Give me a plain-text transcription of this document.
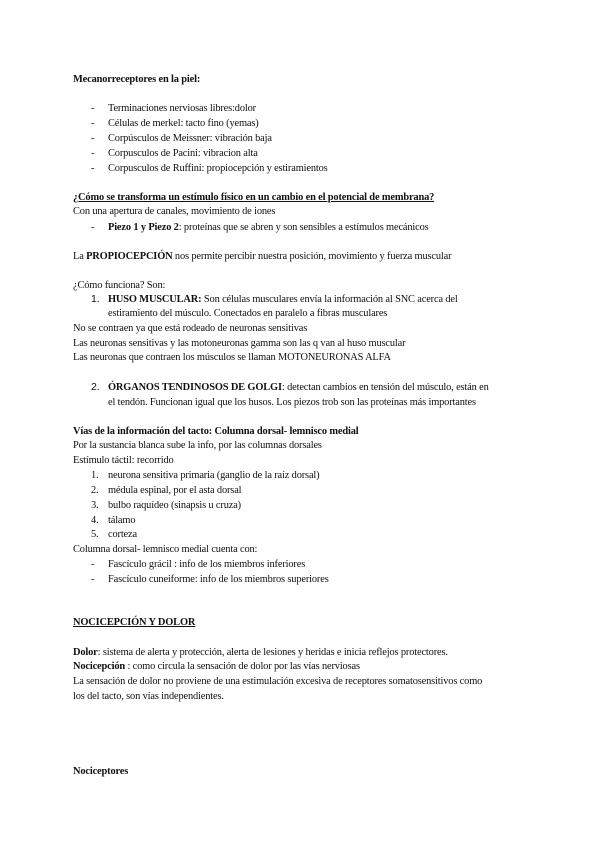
Mecanorreceptores en la piel:
- Terminaciones nerviosas libres:dolor
- Células de merkel: tacto fino (yemas)
- Corpúsculos de Meissner: vibración baja
- Corpusculos de Pacini: vibracion alta
- Corpusculos de Ruffini: propiocepción y estiramientos
¿Cómo se transforma un estímulo físico en un cambio en el potencial de membrana?
Con una apertura de canales, movimiento de iones
- Piezo 1 y Piezo 2: proteínas que se abren y son sensibles a estímulos mecánicos
La PROPIOCEPCIÓN nos permite percibir nuestra posición, movimiento y fuerza muscular
¿Cómo funciona? Son:
1. HUSO MUSCULAR: Son células musculares envía la información al SNC acerca del
estiramiento del músculo. Conectados en paralelo a fibras musculares
No se contraen ya que está rodeado de neuronas sensitivas
Las neuronas sensitivas y las motoneuronas gamma son las q van al huso muscular
Las neuronas que contraen los músculos se llaman MOTONEURONAS ALFA
2. ÓRGANOS TENDINOSOS DE GOLGI: detectan cambios en tensión del músculo, están en
el tendón. Funcionan igual que los husos. Los piezos trob son las proteínas más importantes
Vías de la información del tacto: Columna dorsal- lemnisco medial
Por la sustancia blanca sube la info, por las columnas dorsales
Estímulo táctil: recorrido
1. neurona sensitiva primaria (ganglio de la raíz dorsal)
2. médula espinal, por el asta dorsal
3. bulbo raquídeo (sinapsis u cruza)
4. tálamo
5. corteza
Columna dorsal- lemnisco medial cuenta con:
- Fascículo grácil : info de los miembros inferiores
- Fascículo cuneiforme: info de los miembros superiores
NOCICEPCIÓN Y DOLOR
Dolor: sistema de alerta y protección, alerta de lesiones y heridas e inicia reflejos protectores.
Nocicepción : como circula la sensación de dolor por las vías nerviosas
La sensación de dolor no proviene de una estimulación excesiva de receptores somatosensitivos como
los del tacto, son vías independientes.
Nociceptores
